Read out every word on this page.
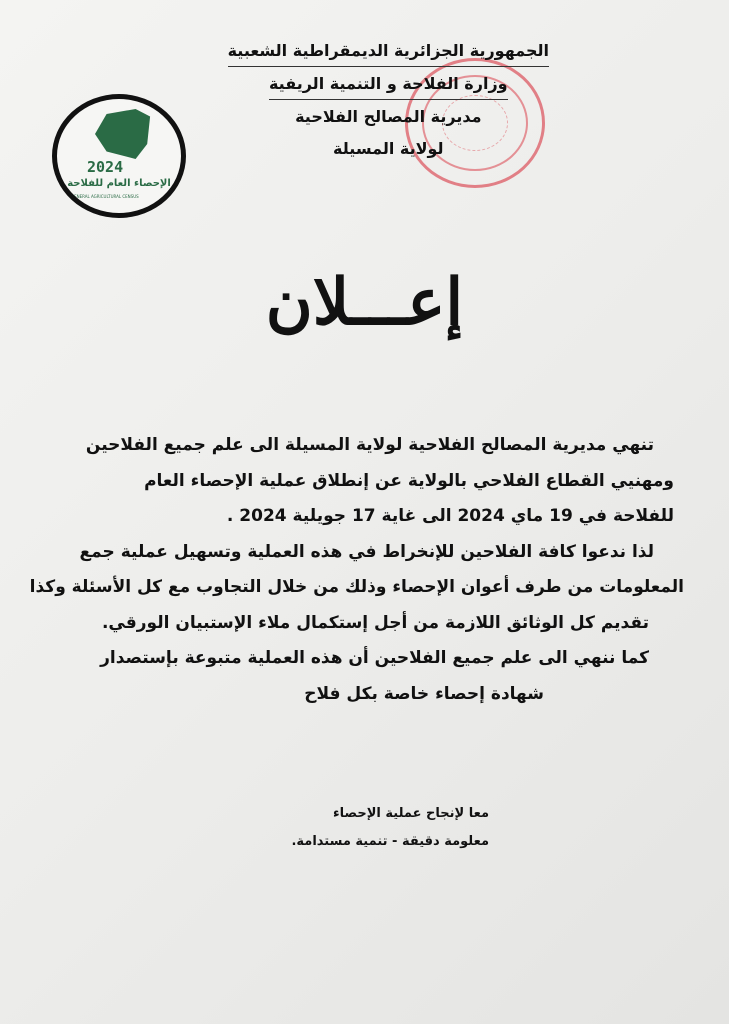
الجمهورية الجزائرية الديمقراطية الشعبية
وزارة الفلاحة و التنمية الريفية
مديرية المصالح الفلاحية
لولاية المسيلة
2024
الإحصاء العام للفلاحة
GENERAL AGRICULTURAL CENSUS
إعـــلان
تنهي مديرية المصالح الفلاحية لولاية المسيلة الى علم جميع الفلاحين
ومهنيي القطاع الفلاحي بالولاية عن إنطلاق عملية الإحصاء العام
للفلاحة في 19 ماي 2024 الى غاية 17 جويلية 2024 .
لذا ندعوا كافة الفلاحين للإنخراط في هذه العملية وتسهيل عملية جمع
المعلومات من طرف أعوان الإحصاء وذلك من خلال التجاوب مع كل الأسئلة وكذا
تقديم كل الوثائق اللازمة من أجل إستكمال ملاء الإستبيان الورقي.
كما ننهي الى علم جميع الفلاحين أن هذه العملية متبوعة بإستصدار
شهادة إحصاء خاصة بكل فلاح
معا لإنجاح عملية الإحصاء
معلومة دقيقة - تنمية مستدامة.
